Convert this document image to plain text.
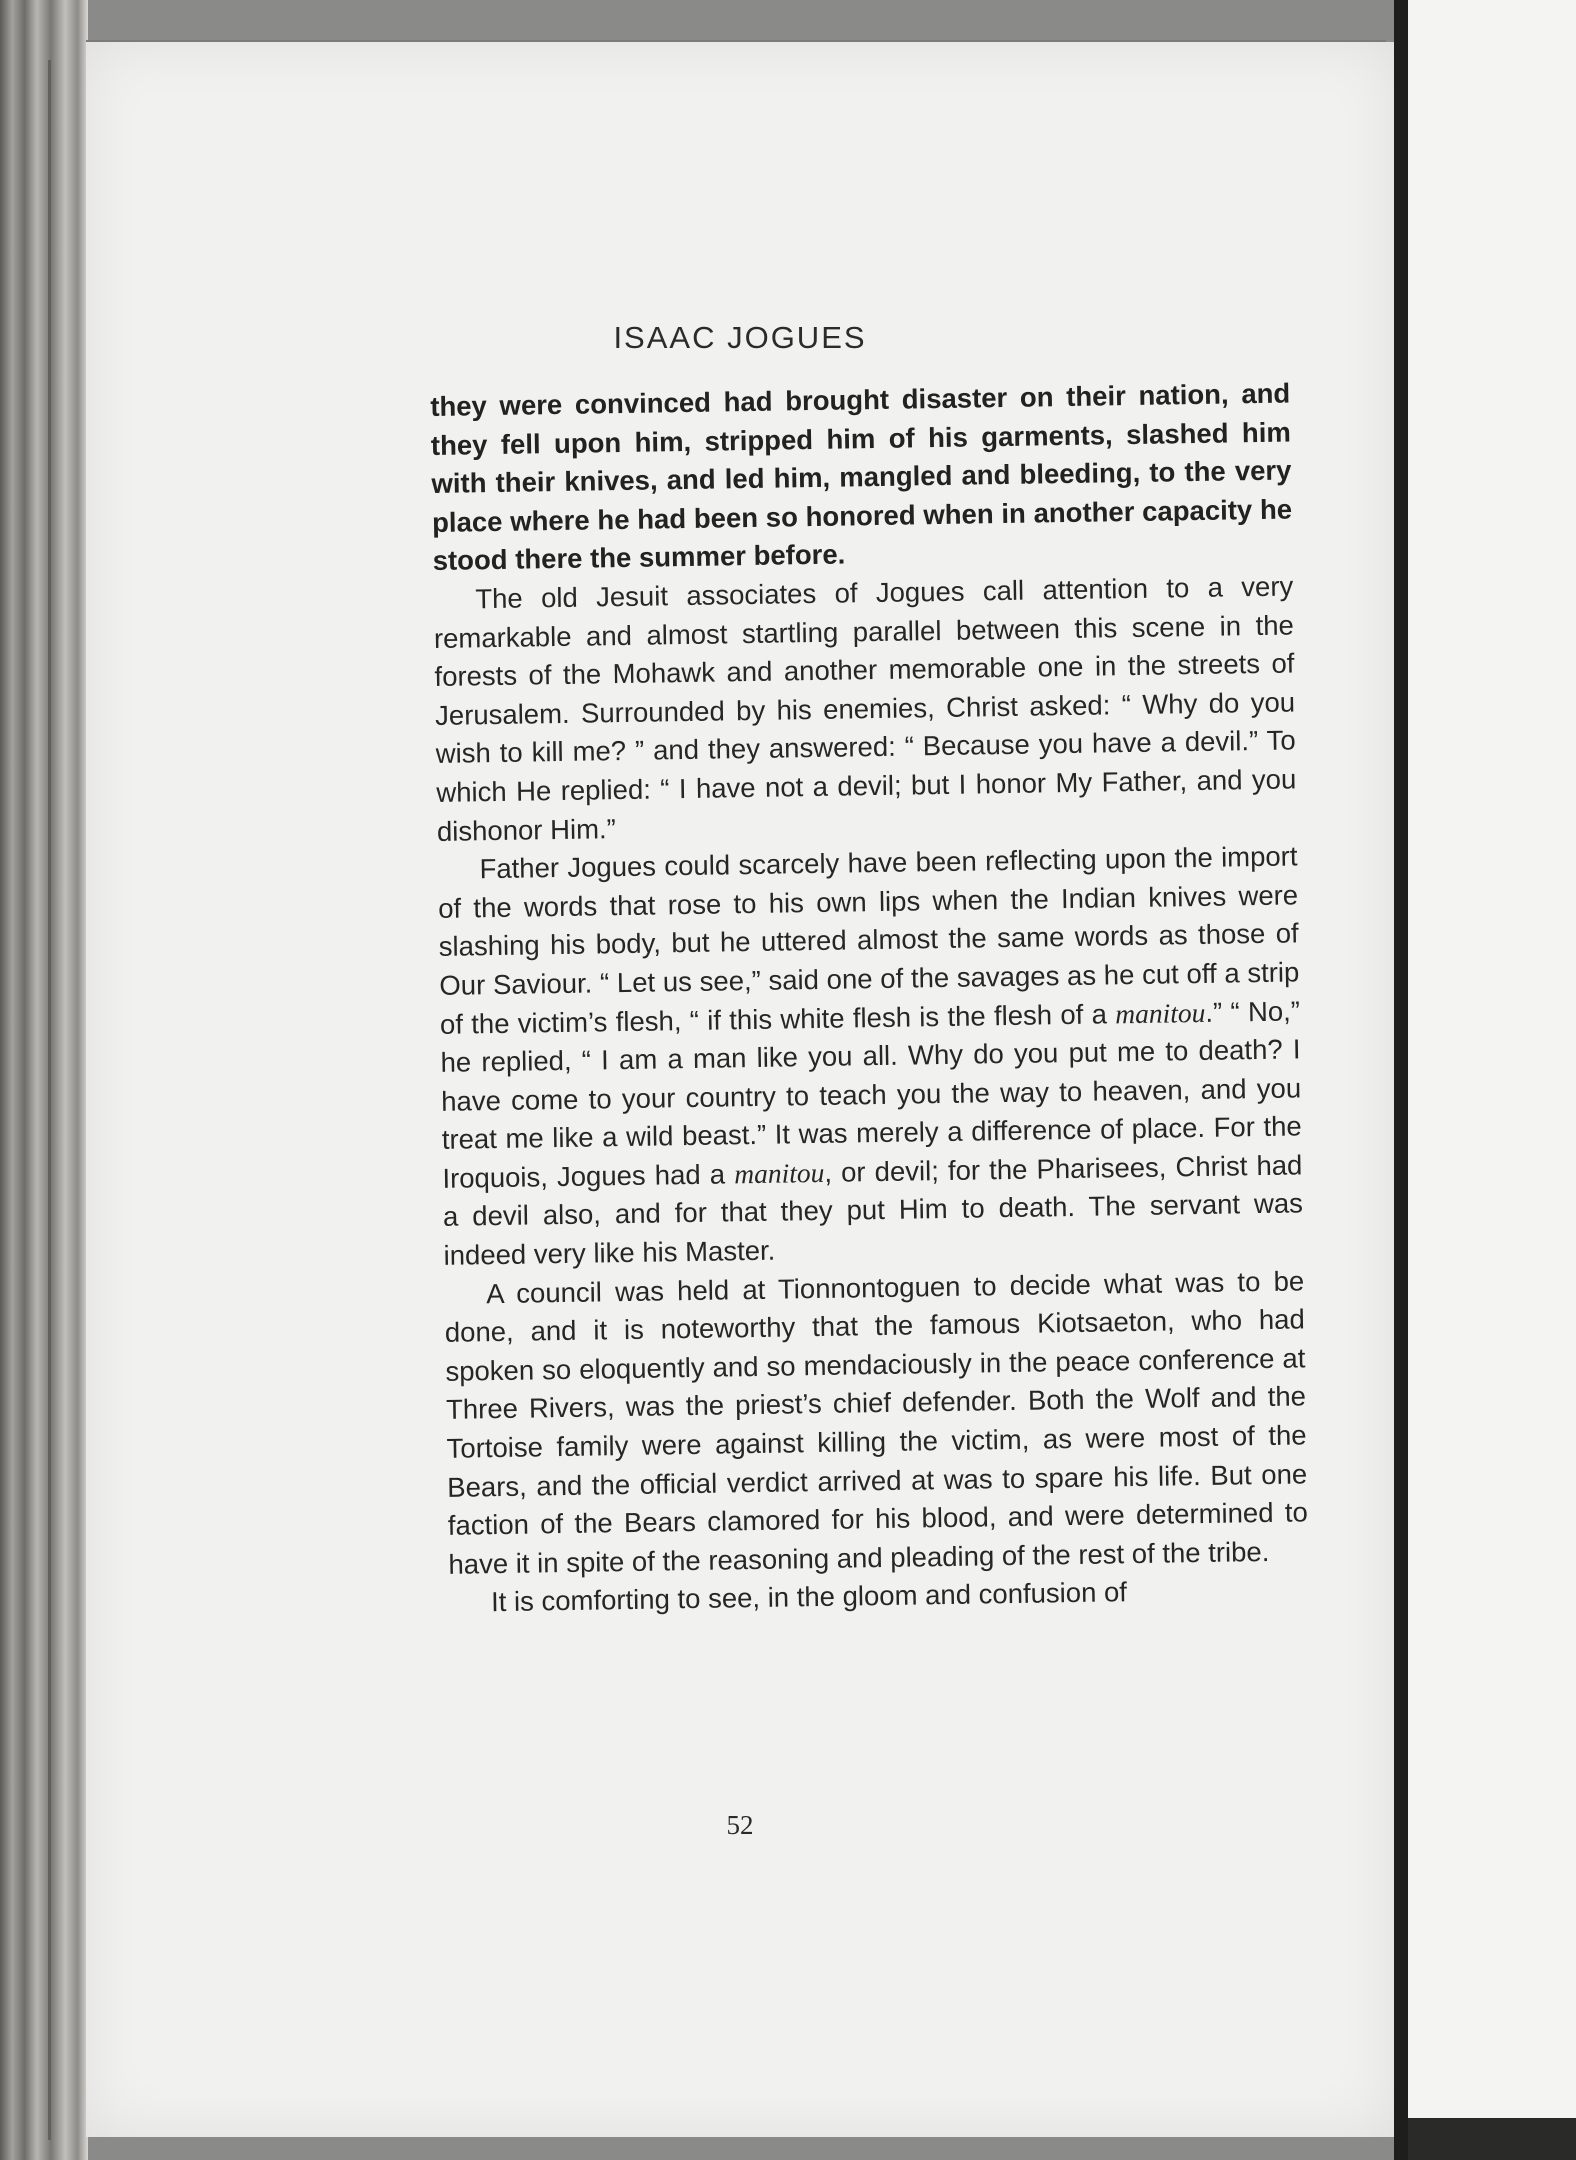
ISAAC JOGUES

they were convinced had brought disaster on their nation, and they fell upon him, stripped him of his garments, slashed him with their knives, and led him, mangled and bleeding, to the very place where he had been so honored when in another capacity he stood there the summer before.

The old Jesuit associates of Jogues call attention to a very remarkable and almost startling parallel between this scene in the forests of the Mohawk and another memorable one in the streets of Jerusalem. Surrounded by his enemies, Christ asked: “ Why do you wish to kill me? ” and they answered: “ Because you have a devil.” To which He replied: “ I have not a devil; but I honor My Father, and you dishonor Him.”

Father Jogues could scarcely have been reflecting upon the import of the words that rose to his own lips when the Indian knives were slashing his body, but he uttered almost the same words as those of Our Saviour. “ Let us see,” said one of the savages as he cut off a strip of the victim’s flesh, “ if this white flesh is the flesh of a manitou.” “ No,” he replied, “ I am a man like you all. Why do you put me to death? I have come to your country to teach you the way to heaven, and you treat me like a wild beast.” It was merely a difference of place. For the Iroquois, Jogues had a manitou, or devil; for the Pharisees, Christ had a devil also, and for that they put Him to death. The servant was indeed very like his Master.

A council was held at Tionnontoguen to decide what was to be done, and it is noteworthy that the famous Kiotsaeton, who had spoken so eloquently and so mendaciously in the peace conference at Three Rivers, was the priest’s chief defender. Both the Wolf and the Tortoise family were against killing the victim, as were most of the Bears, and the official verdict arrived at was to spare his life. But one faction of the Bears clamored for his blood, and were determined to have it in spite of the reasoning and pleading of the rest of the tribe.

It is comforting to see, in the gloom and confusion of

52
